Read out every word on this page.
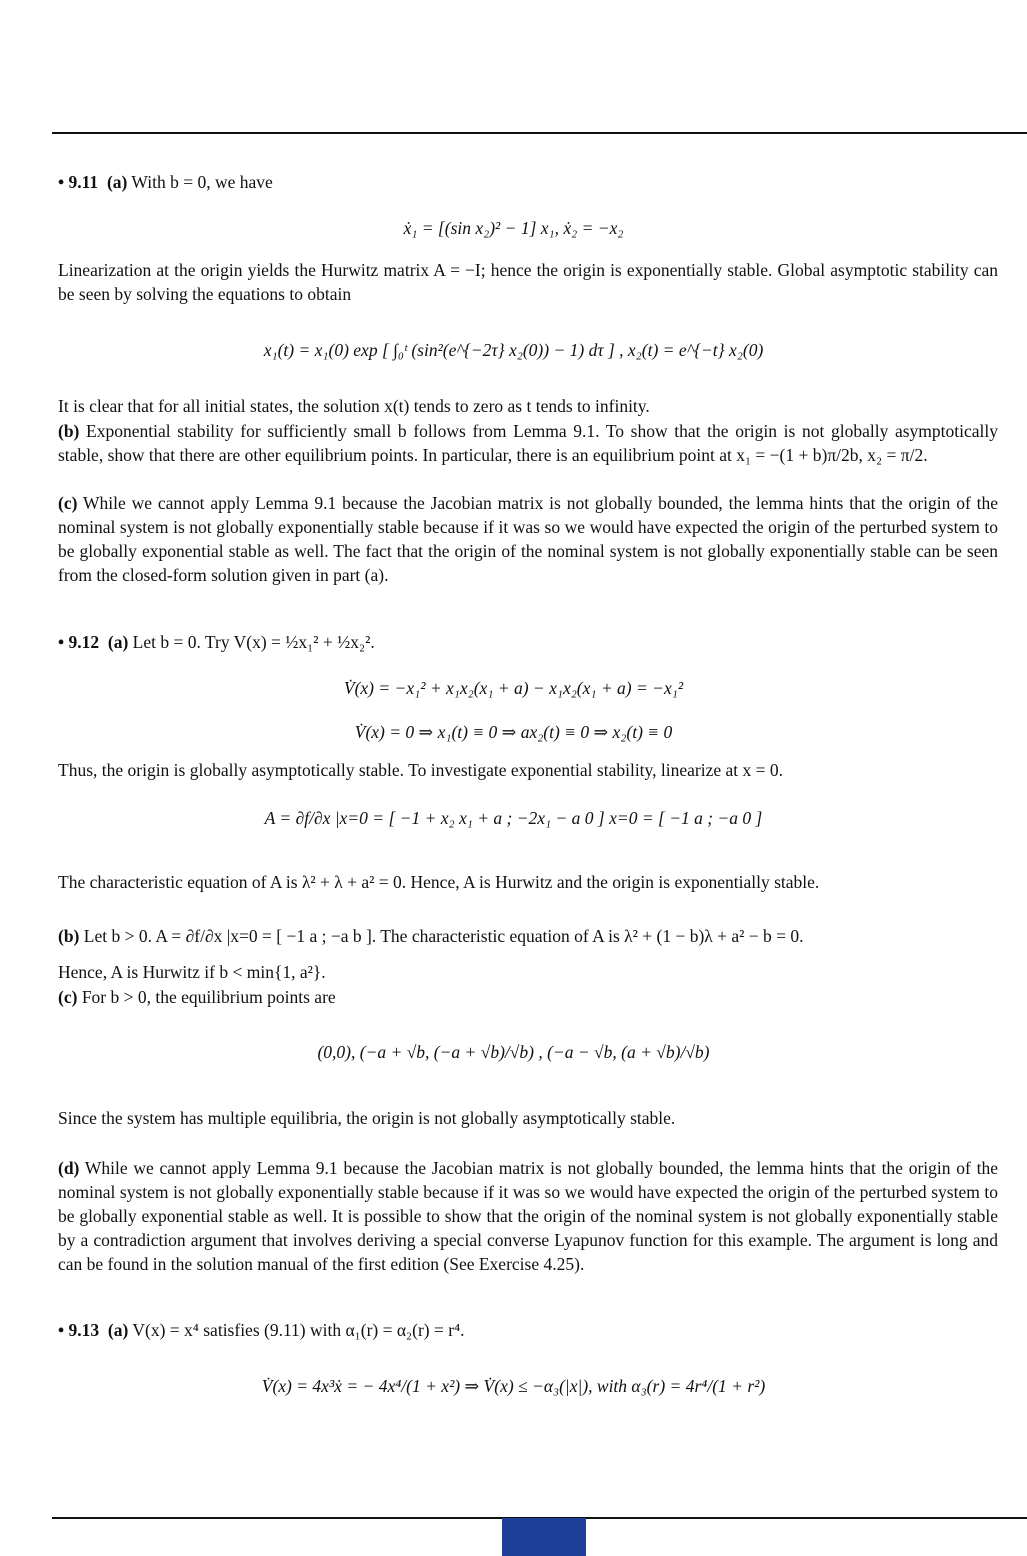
• 9.11 (a) With b = 0, we have
ẋ₁ = [(sin x₂)² − 1] x₁, ẋ₂ = −x₂

Linearization at the origin yields the Hurwitz matrix A = −I; hence the origin is exponentially stable. Global asymptotic stability can be seen by solving the equations to obtain

x₁(t) = x₁(0) exp [ ∫₀ᵗ (sin²(e^{−2τ} x₂(0)) − 1) dτ ] , x₂(t) = e^{−t} x₂(0)

It is clear that for all initial states, the solution x(t) tends to zero as t tends to infinity.

(b) Exponential stability for sufficiently small b follows from Lemma 9.1. To show that the origin is not globally asymptotically stable, show that there are other equilibrium points. In particular, there is an equilibrium point at x₁ = −(1 + b)π/2b, x₂ = π/2.

(c) While we cannot apply Lemma 9.1 because the Jacobian matrix is not globally bounded, the lemma hints that the origin of the nominal system is not globally exponentially stable because if it was so we would have expected the origin of the perturbed system to be globally exponential stable as well. The fact that the origin of the nominal system is not globally exponentially stable can be seen from the closed-form solution given in part (a).

• 9.12 (a) Let b = 0. Try V(x) = ½x₁² + ½x₂².
V̇(x) = −x₁² + x₁x₂(x₁ + a) − x₁x₂(x₁ + a) = −x₁²
V̇(x) = 0 ⇒ x₁(t) ≡ 0 ⇒ ax₂(t) ≡ 0 ⇒ x₂(t) ≡ 0

Thus, the origin is globally asymptotically stable. To investigate exponential stability, linearize at x = 0.

A = ∂f/∂x |x=0 = [ −1 + x₂ x₁ + a ; −2x₁ − a 0 ] x=0 = [ −1 a ; −a 0 ]

The characteristic equation of A is λ² + λ + a² = 0. Hence, A is Hurwitz and the origin is exponentially stable.

(b) Let b > 0. A = ∂f/∂x |x=0 = [ −1 a ; −a b ]. The characteristic equation of A is λ² + (1 − b)λ + a² − b = 0.

Hence, A is Hurwitz if b < min{1, a²}.

(c) For b > 0, the equilibrium points are

(0,0), (−a + √b, (−a + √b)/√b) , (−a − √b, (a + √b)/√b)

Since the system has multiple equilibria, the origin is not globally asymptotically stable.

(d) While we cannot apply Lemma 9.1 because the Jacobian matrix is not globally bounded, the lemma hints that the origin of the nominal system is not globally exponentially stable because if it was so we would have expected the origin of the perturbed system to be globally exponential stable as well. It is possible to show that the origin of the nominal system is not globally exponentially stable by a contradiction argument that involves deriving a special converse Lyapunov function for this example. The argument is long and can be found in the solution manual of the first edition (See Exercise 4.25).

• 9.13 (a) V(x) = x⁴ satisfies (9.11) with α₁(r) = α₂(r) = r⁴.
V̇(x) = 4x³ẋ = − 4x⁴/(1 + x²) ⇒ V̇(x) ≤ −α₃(|x|), with α₃(r) = 4r⁴/(1 + r²)
